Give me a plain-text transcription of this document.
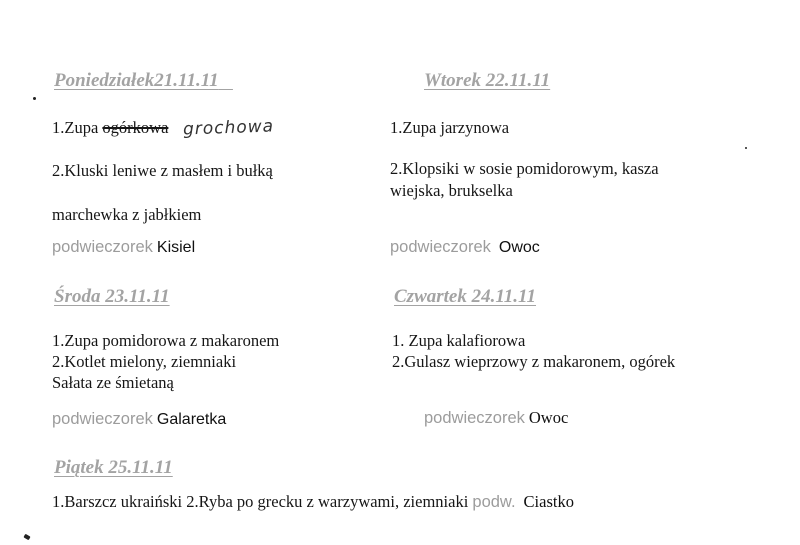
Poniedziałek21.11.11
1.Zupa ogórkowa grochowa
2.Kluski leniwe z masłem i bułką
marchewka z jabłkiem
podwieczorek Kisiel
Wtorek 22.11.11
1.Zupa jarzynowa
2.Klopsiki w sosie pomidorowym, kasza
wiejska, brukselka
podwieczorek Owoc
Środa 23.11.11
1.Zupa pomidorowa z makaronem
2.Kotlet mielony, ziemniaki
Sałata ze śmietaną
podwieczorek Galaretka
Czwartek 24.11.11
1. Zupa kalafiorowa
2.Gulasz wieprzowy z makaronem, ogórek
podwieczorek Owoc
Piątek 25.11.11
1.Barszcz ukraiński 2.Ryba po grecku z warzywami, ziemniaki podw. Ciastko
